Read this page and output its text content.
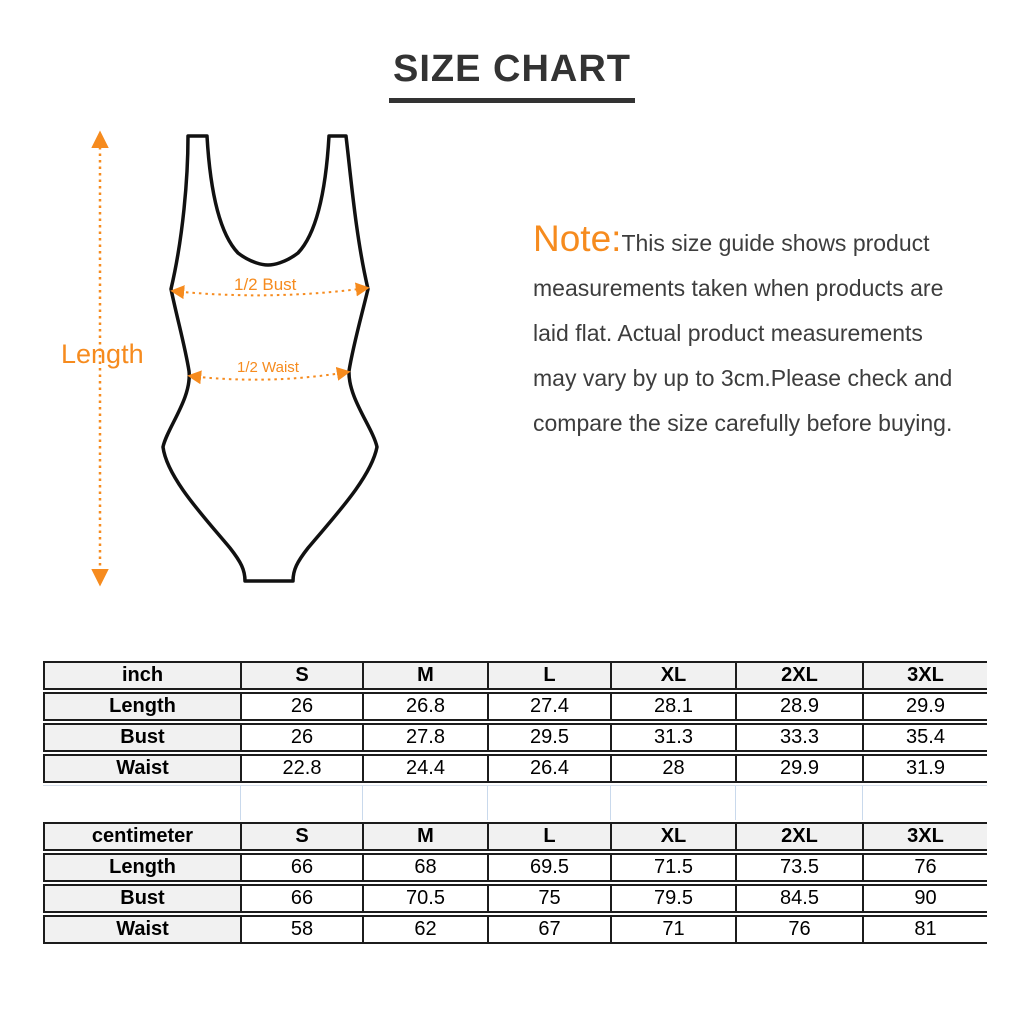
SIZE CHART
Length
1/2 Bust
1/2 Waist
Note:This size guide shows product
measurements taken when products are
laid flat. Actual product measurements
may vary by up to 3cm.Please check and
compare the size carefully before buying.
inch	S	M	L	XL	2XL	3XL
Length	26	26.8	27.4	28.1	28.9	29.9
Bust	26	27.8	29.5	31.3	33.3	35.4
Waist	22.8	24.4	26.4	28	29.9	31.9
centimeter	S	M	L	XL	2XL	3XL
Length	66	68	69.5	71.5	73.5	76
Bust	66	70.5	75	79.5	84.5	90
Waist	58	62	67	71	76	81
